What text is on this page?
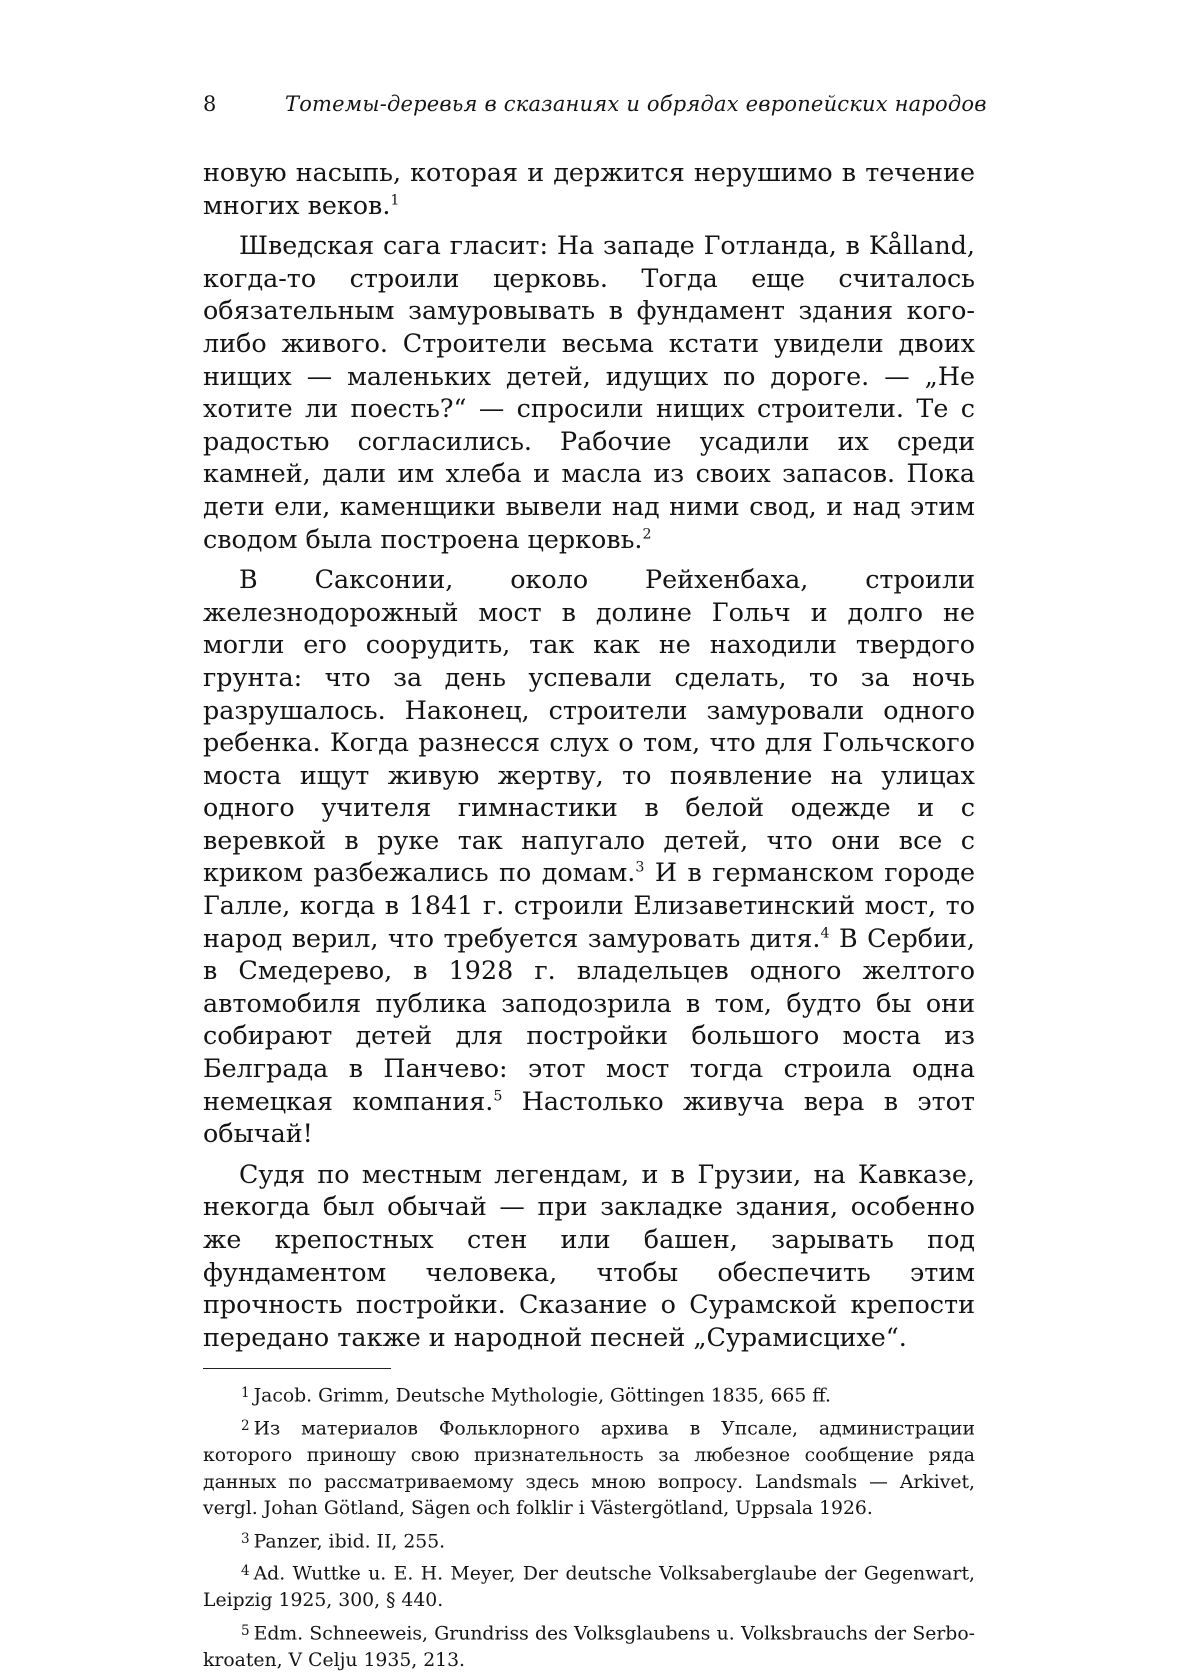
8	Тотемы-деревья в сказаниях и обрядах европейских народов

новую насыпь, которая и держится нерушимо в течение многих веков.$^1$

Шведская сага гласит: На западе Готланда, в Kålland, когда-то строили церковь. Тогда еще считалось обязательным замуровывать в фундамент здания кого-либо живого. Строители весьма кстати увидели двоих нищих — маленьких детей, идущих по дороге. — „Не хотите ли поесть?“ — спросили нищих строители. Те с радостью согласились. Рабочие усадили их среди камней, дали им хлеба и масла из своих запасов. Пока дети ели, каменщики вывели над ними свод, и над этим сводом была построена церковь.$^2$

В Саксонии, около Рейхенбаха, строили железнодорожный мост в долине Гольч и долго не могли его соорудить, так как не находили твердого грунта: что за день успевали сделать, то за ночь разрушалось. Наконец, строители замуровали одного ребенка. Когда разнесся слух о том, что для Гольчского моста ищут живую жертву, то появление на улицах одного учителя гимнастики в белой одежде и с веревкой в руке так напугало детей, что они все с криком разбежались по домам.$^3$ И в германском городе Галле, когда в 1841 г. строили Елизаветинский мост, то народ верил, что требуется замуровать дитя.$^4$ В Сербии, в Смедерево, в 1928 г. владельцев одного желтого автомобиля публика заподозрила в том, будто бы они собирают детей для постройки большого моста из Белграда в Панчево: этот мост тогда строила одна немецкая компания.$^5$ Настолько живуча вера в этот обычай!

Судя по местным легендам, и в Грузии, на Кавказе, некогда был обычай — при закладке здания, особенно же крепостных стен или башен, зарывать под фундаментом человека, чтобы обеспечить этим прочность постройки. Сказание о Сурамской крепости передано также и народной песней „Сурамисцихе“.

$^1$ Jacob. Grimm, Deutsche Mythologie, Göttingen 1835, 665 ff.

$^2$ Из материалов Фольклорного архива в Упсале, администрации которого приношу свою признательность за любезное сообщение ряда данных по рассматриваемому здесь мною вопросу. Landsmals — Arkivet, vergl. Johan Götland, Sägen och folklir i Västergötland, Uppsala 1926.

$^3$ Panzer, ibid. II, 255.

$^4$ Ad. Wuttke u. E. H. Meyer, Der deutsche Volksaberglaube der Gegenwart, Leipzig 1925, 300, § 440.

$^5$ Edm. Schneeweis, Grundriss des Volksglaubens u. Volksbrauchs der Serbokroaten, V Celju 1935, 213.
